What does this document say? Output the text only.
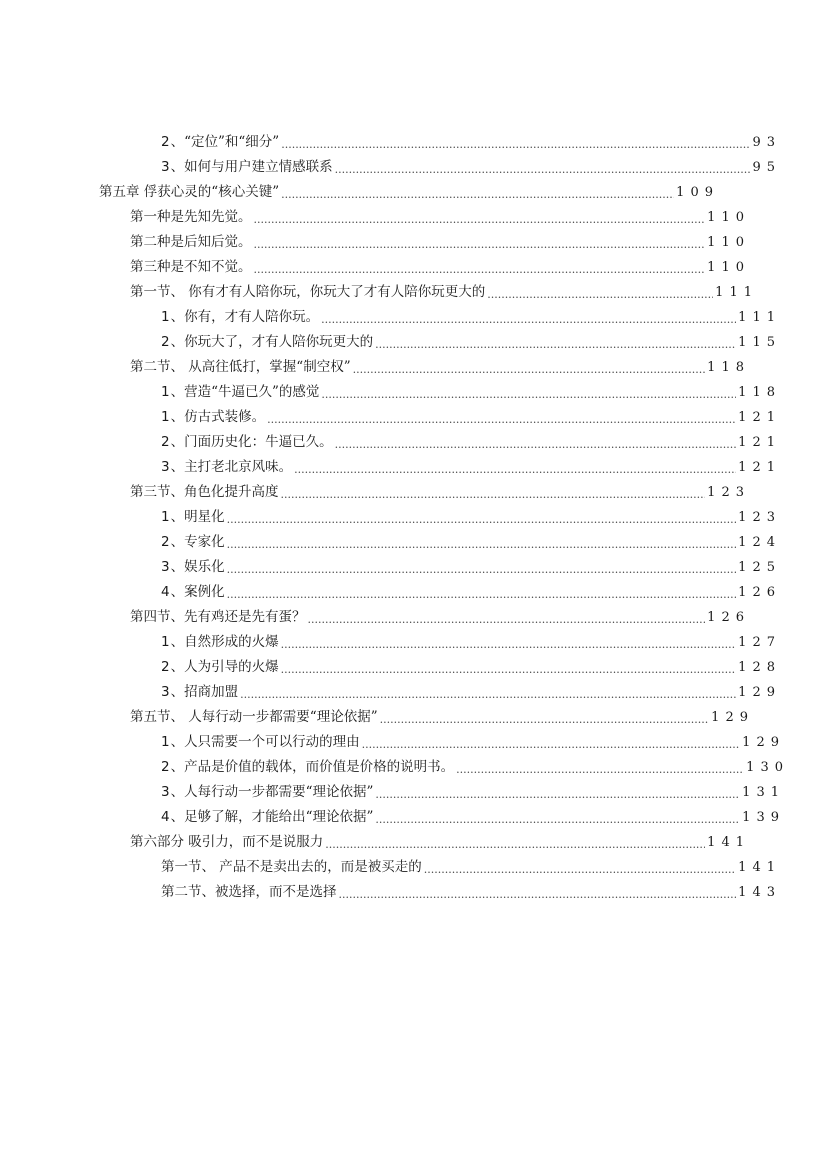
2、“定位”和“细分” .....	93
3、如何与用户建立情感联系 .....	95
第五章 俘获心灵的“核心关键” .....	109
第一种是先知先觉。 .....	110
第二种是后知后觉。 .....	110
第三种是不知不觉。 .....	110
第一节、 你有才有人陪你玩，你玩大了才有人陪你玩更大的 .....	111
1、你有，才有人陪你玩。 .....	111
2、你玩大了，才有人陪你玩更大的 .....	115
第二节、 从高往低打，掌握“制空权” .....	118
1、营造“牛逼已久”的感觉 .....	118
1、仿古式装修。 .....	121
2、门面历史化：牛逼已久。 .....	121
3、主打老北京风味。 .....	121
第三节、角色化提升高度 .....	123
1、明星化 .....	123
2、专家化 .....	124
3、娱乐化 .....	125
4、案例化 .....	126
第四节、先有鸡还是先有蛋？ .....	126
1、自然形成的火爆 .....	127
2、人为引导的火爆 .....	128
3、招商加盟 .....	129
第五节、 人每行动一步都需要“理论依据” .....	129
1、人只需要一个可以行动的理由 .....	129
2、产品是价值的载体，而价值是价格的说明书。 .....	130
3、人每行动一步都需要“理论依据” .....	131
4、足够了解，才能给出“理论依据” .....	139
第六部分 吸引力，而不是说服力 .....	141
第一节、 产品不是卖出去的，而是被买走的 .....	141
第二节、被选择，而不是选择 .....	143
